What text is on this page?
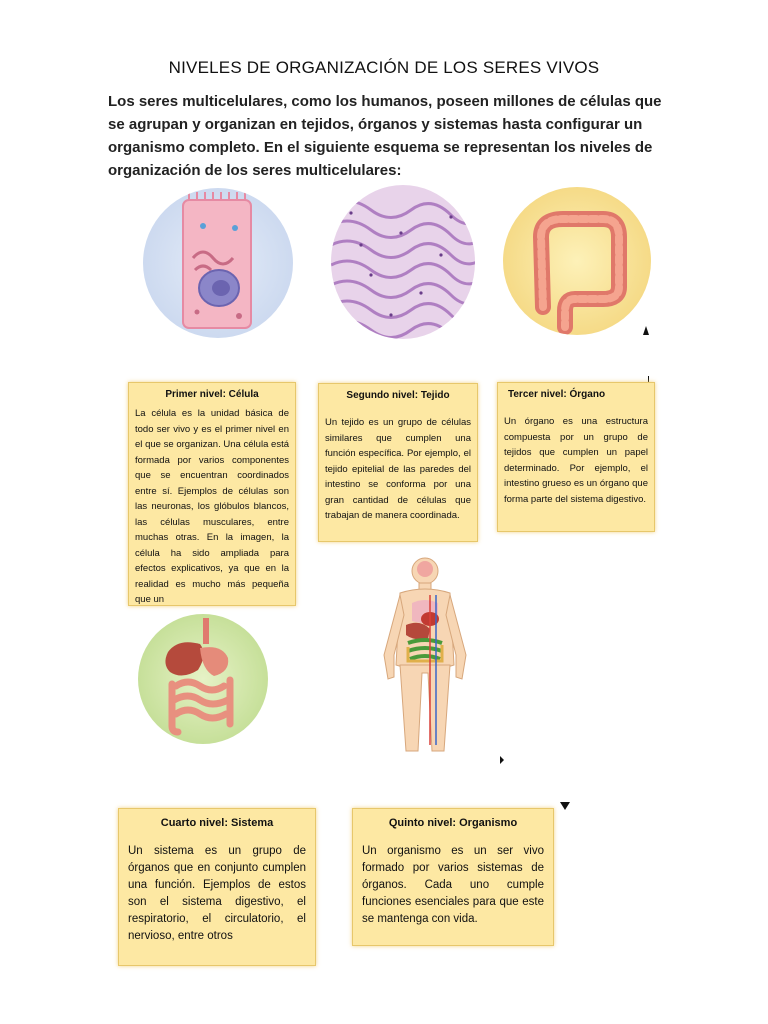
NIVELES DE ORGANIZACIÓN DE LOS SERES VIVOS
Los seres multicelulares, como los humanos, poseen millones de células que se agrupan y organizan en tejidos, órganos y sistemas hasta configurar un organismo completo. En el siguiente esquema se representan los niveles de organización de los seres multicelulares:
Primer nivel: Célula

La célula es la unidad básica de todo ser vivo y es el primer nivel en el que se organizan. Una célula está formada por varios componentes que se encuentran coordinados entre sí. Ejemplos de células son las neuronas, los glóbulos blancos, las células musculares, entre muchas otras. En la imagen, la célula ha sido ampliada para efectos explicativos, ya que en la realidad es mucho más pequeña que un

Segundo nivel: Tejido

Un tejido es un grupo de células similares que cumplen una función específica. Por ejemplo, el tejido epitelial de las paredes del intestino se conforma por una gran cantidad de células que trabajan de manera coordinada.

Tercer nivel: Órgano

Un órgano es una estructura compuesta por un grupo de tejidos que cumplen un papel determinado. Por ejemplo, el intestino grueso es un órgano que forma parte del sistema digestivo.

Cuarto nivel: Sistema

Un sistema es un grupo de órganos que en conjunto cumplen una función. Ejemplos de estos son el sistema digestivo, el respiratorio, el circulatorio, el nervioso, entre otros

Quinto nivel: Organismo

Un organismo es un ser vivo formado por varios sistemas de órganos. Cada uno cumple funciones esenciales para que este se mantenga con vida.
